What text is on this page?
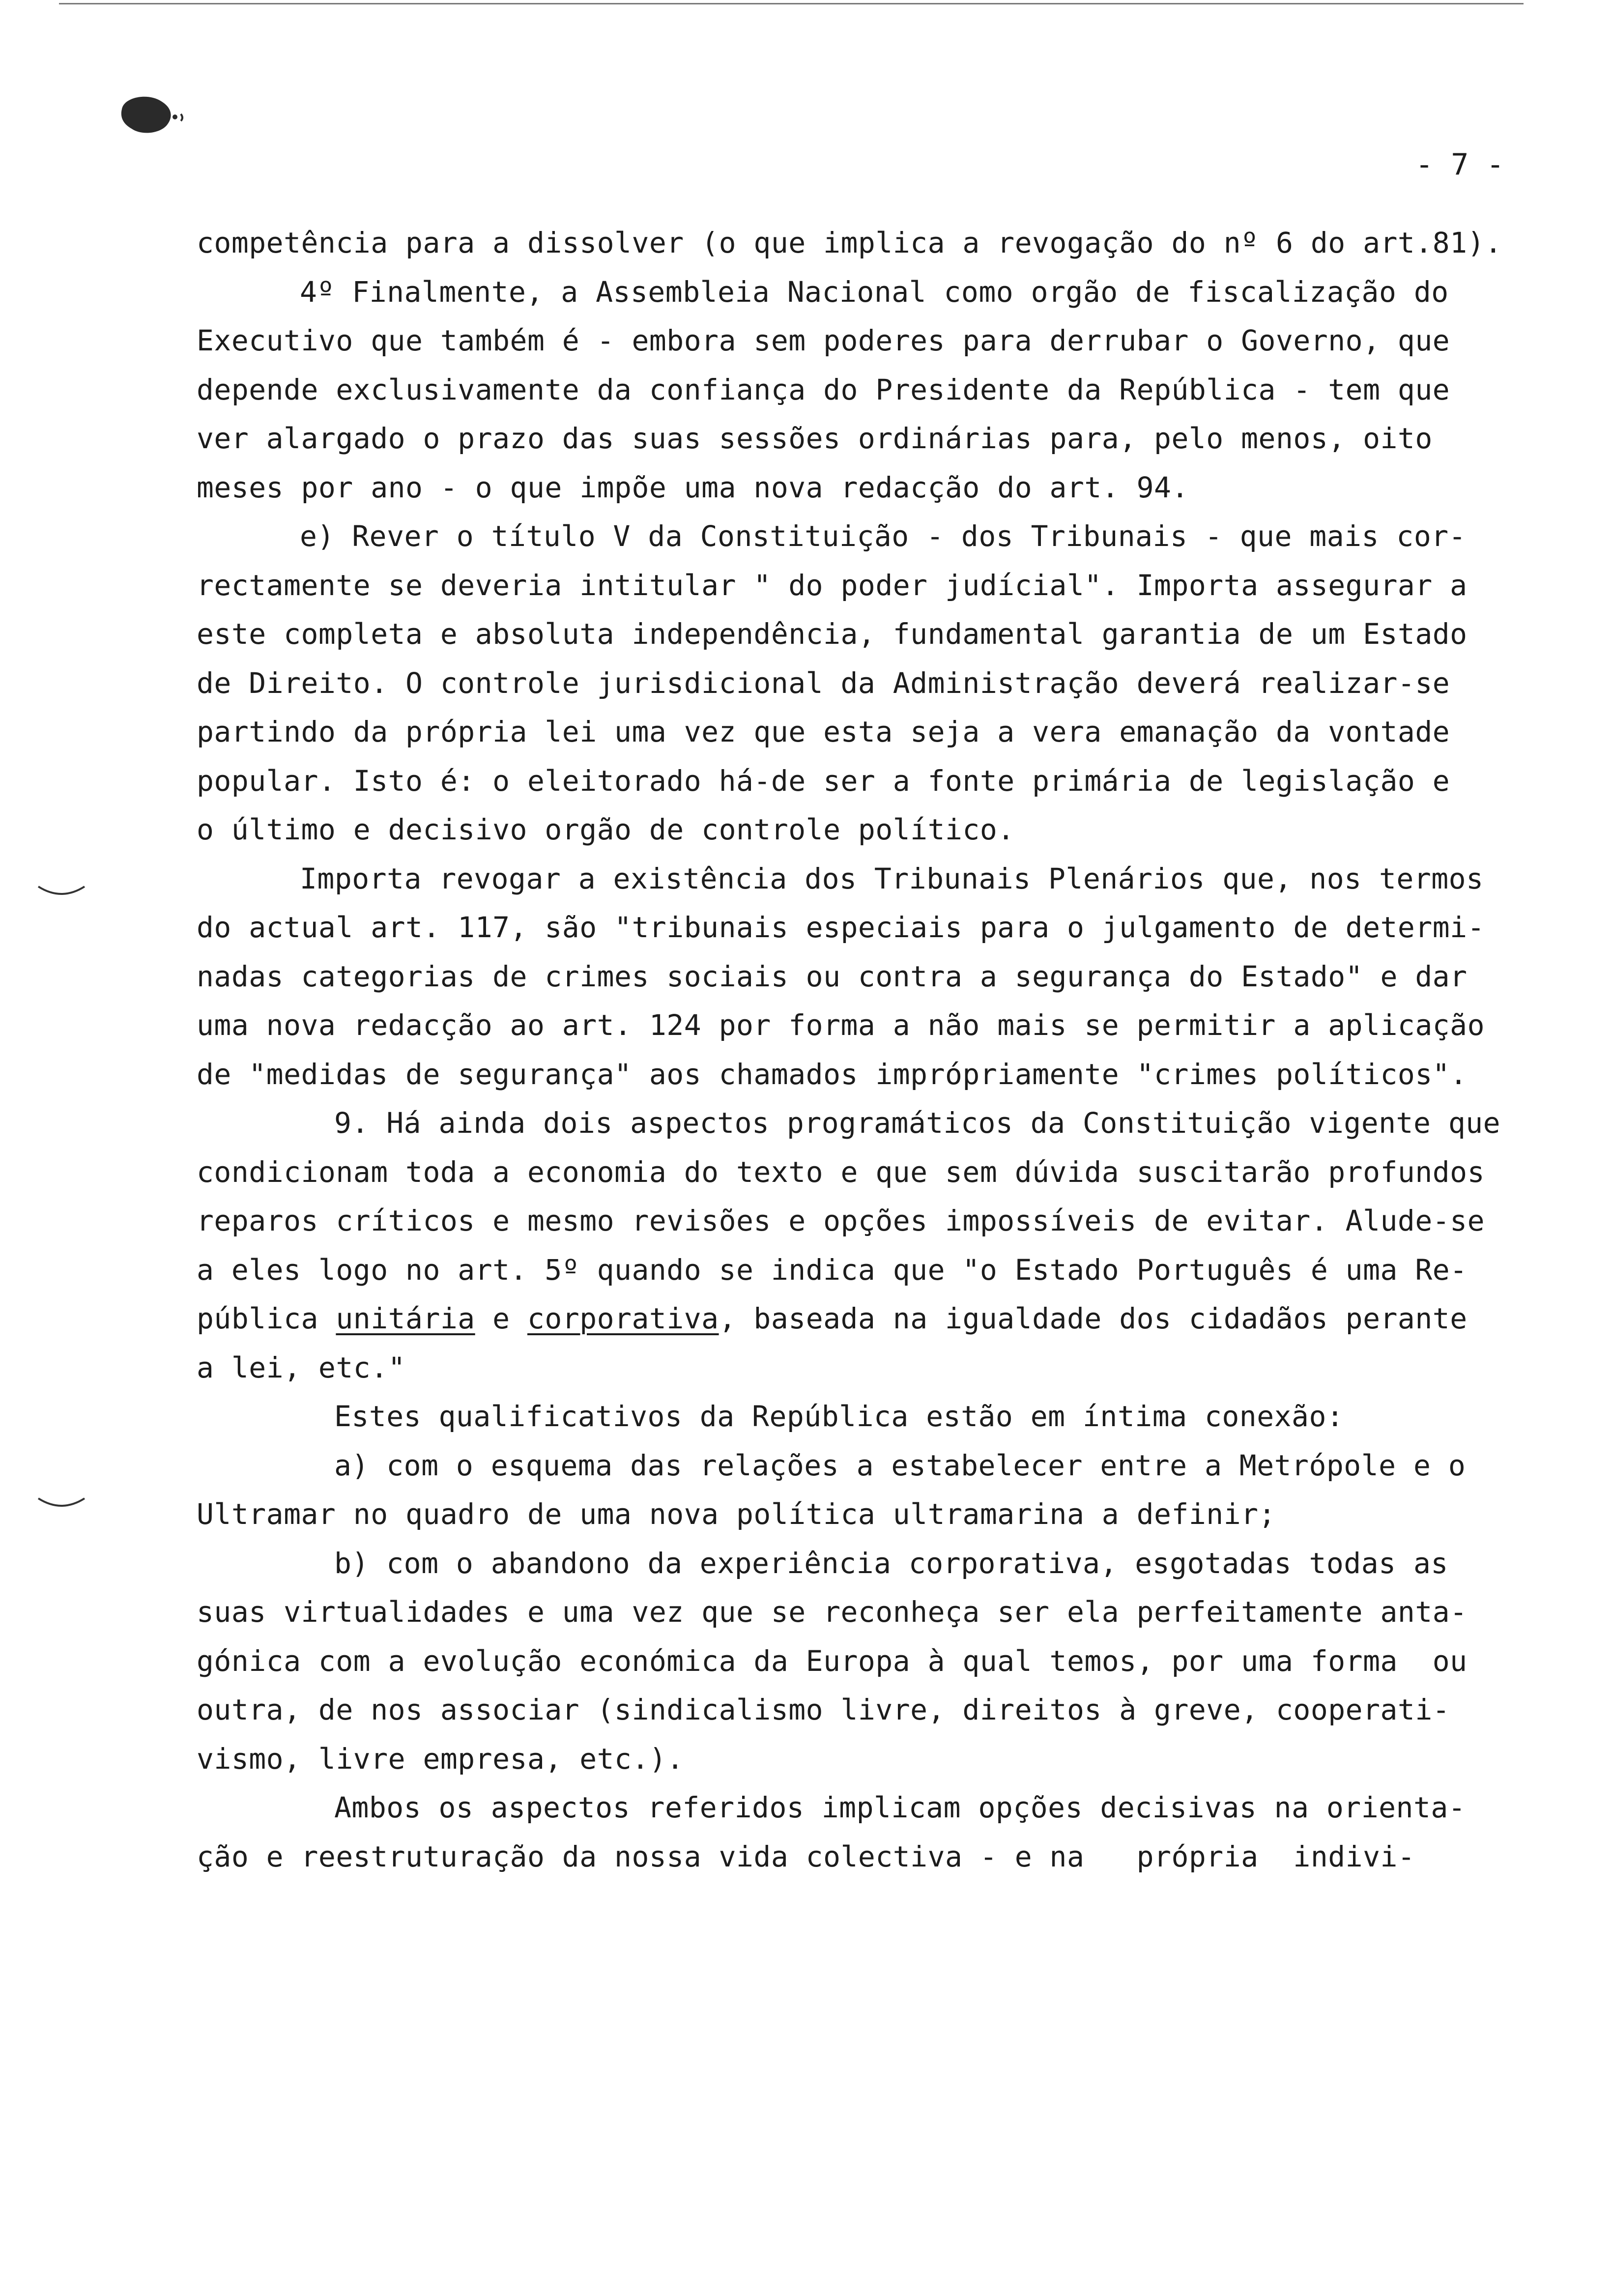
- 7 -
competência para a dissolver (o que implica a revogação do nº 6 do art.81).
4º Finalmente, a Assembleia Nacional como orgão de fiscalização do
Executivo que também é - embora sem poderes para derrubar o Governo, que
depende exclusivamente da confiança do Presidente da República - tem que
ver alargado o prazo das suas sessões ordinárias para, pelo menos, oito
meses por ano - o que impõe uma nova redacção do art. 94.
e) Rever o título V da Constituição - dos Tribunais - que mais cor-
rectamente se deveria intitular " do poder judícial". Importa assegurar a
este completa e absoluta independência, fundamental garantia de um Estado
de Direito. O controle jurisdicional da Administração deverá realizar-se
partindo da própria lei uma vez que esta seja a vera emanação da vontade
popular. Isto é: o eleitorado há-de ser a fonte primária de legislação e
o último e decisivo orgão de controle político.
Importa revogar a existência dos Tribunais Plenários que, nos termos
do actual art. 117, são "tribunais especiais para o julgamento de determi-
nadas categorias de crimes sociais ou contra a segurança do Estado" e dar
uma nova redacção ao art. 124 por forma a não mais se permitir a aplicação
de "medidas de segurança" aos chamados imprópriamente "crimes políticos".
9. Há ainda dois aspectos programáticos da Constituição vigente que
condicionam toda a economia do texto e que sem dúvida suscitarão profundos
reparos críticos e mesmo revisões e opções impossíveis de evitar. Alude-se
a eles logo no art. 5º quando se indica que "o Estado Português é uma Re-
pública unitária e corporativa, baseada na igualdade dos cidadãos perante
a lei, etc."
Estes qualificativos da República estão em íntima conexão:
a) com o esquema das relações a estabelecer entre a Metrópole e o
Ultramar no quadro de uma nova política ultramarina a definir;
b) com o abandono da experiência corporativa, esgotadas todas as
suas virtualidades e uma vez que se reconheça ser ela perfeitamente anta-
gónica com a evolução económica da Europa à qual temos, por uma forma  ou
outra, de nos associar (sindicalismo livre, direitos à greve, cooperati-
vismo, livre empresa, etc.).
Ambos os aspectos referidos implicam opções decisivas na orienta-
ção e reestruturação da nossa vida colectiva - e na   própria  indivi-
